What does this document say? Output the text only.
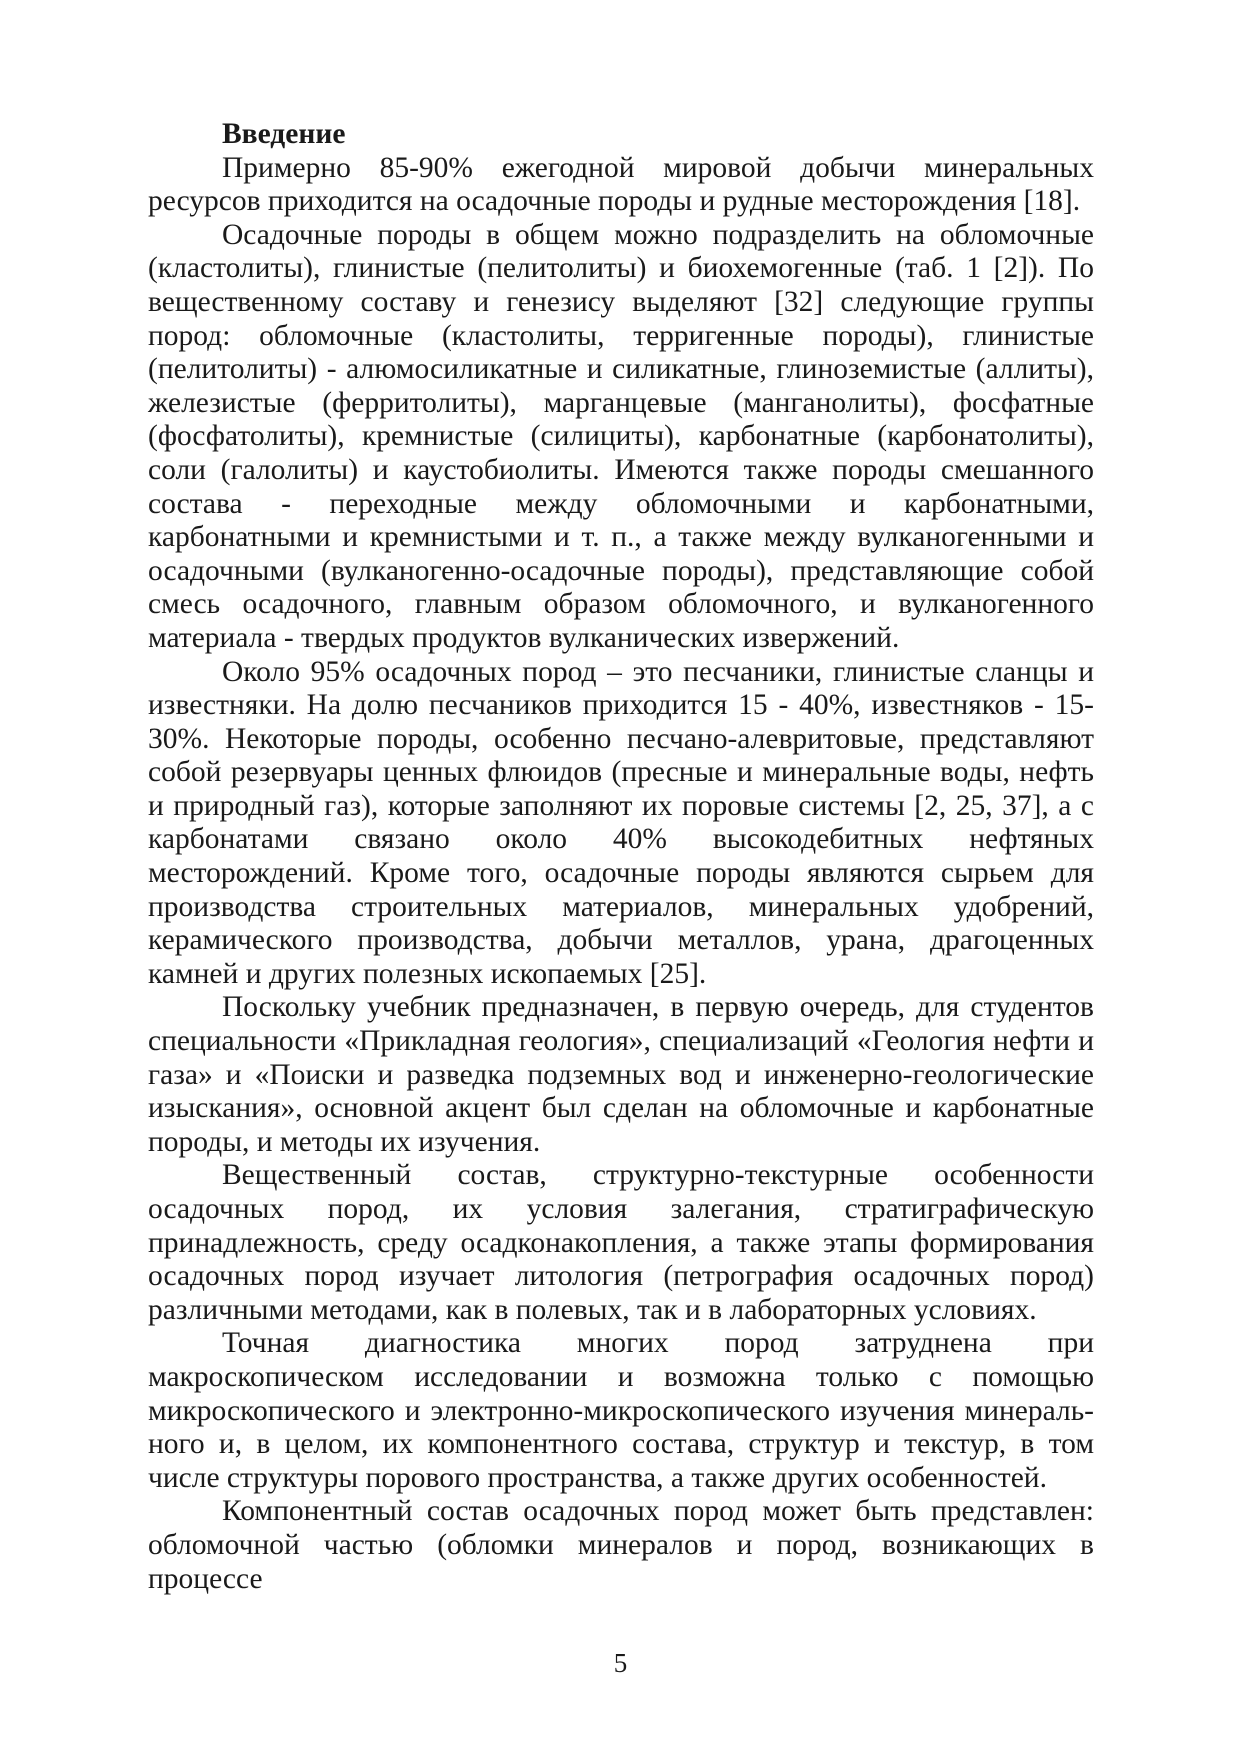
Введение

Примерно 85-90% ежегодной мировой добычи минеральных ресурсов приходится на осадочные породы и рудные месторождения [18].

Осадочные породы в общем можно подразделить на обломочные (кластолиты), глинистые (пелитолиты) и биохемогенные (таб. 1 [2]). По вещественному составу и генезису выделяют [32] следующие группы пород: обломочные (кластолиты, терригенные породы), глинистые (пелитолиты) - алюмосиликатные и силикатные, глиноземистые (аллиты), железистые (ферритолиты), марганцевые (манганолиты), фосфатные (фосфатолиты), кремнистые (силициты), карбонатные (карбонатолиты), соли (галолиты) и каустобиолиты. Имеются также породы смешанного состава - переходные между обломочными и карбонатными, карбонатными и кремнистыми и т. п., а также между вулканогенными и осадочными (вулканогенно-осадочные породы), представляющие собой смесь осадочного, главным образом обломочного, и вулканогенного материала - твердых продуктов вулканических извержений.

Около 95% осадочных пород – это песчаники, глинистые сланцы и известняки. На долю песчаников приходится 15 - 40%, известняков - 15-30%. Некоторые породы, особенно песчано-алевритовые, представляют собой резервуары ценных флюидов (пресные и минеральные воды, нефть и природный газ), которые заполняют их поровые системы [2, 25, 37], а с карбонатами связано около 40% высокодебитных нефтяных месторождений. Кроме того, осадочные породы являются сырьем для производства строительных материалов, минеральных удобрений, керамического производства, добычи металлов, урана, драгоценных камней и других полезных ископаемых [25].

Поскольку учебник предназначен, в первую очередь, для студентов специальности «Прикладная геология», специализаций «Геология нефти и газа» и «Поиски и разведка подземных вод и инженерно-геологические изыскания», основной акцент был сделан на обломочные и карбонатные породы, и методы их изучения.

Вещественный состав, структурно-текстурные особенности осадочных пород, их условия залегания, стратиграфическую принадлежность, среду осадконакопления, а также этапы формирования осадочных пород изучает литология (петрография осадочных пород) различными методами, как в полевых, так и в лабораторных условиях.

Точная диагностика многих пород затруднена при макроскопическом исследовании и возможна только с помощью микроскопического и электронно-микроскопического изучения минераль-ного и, в целом, их компонентного состава, структур и текстур, в том числе структуры порового пространства, а также других особенностей.

Компонентный состав осадочных пород может быть представлен: обломочной частью (обломки минералов и пород, возникающих в процессе

5
